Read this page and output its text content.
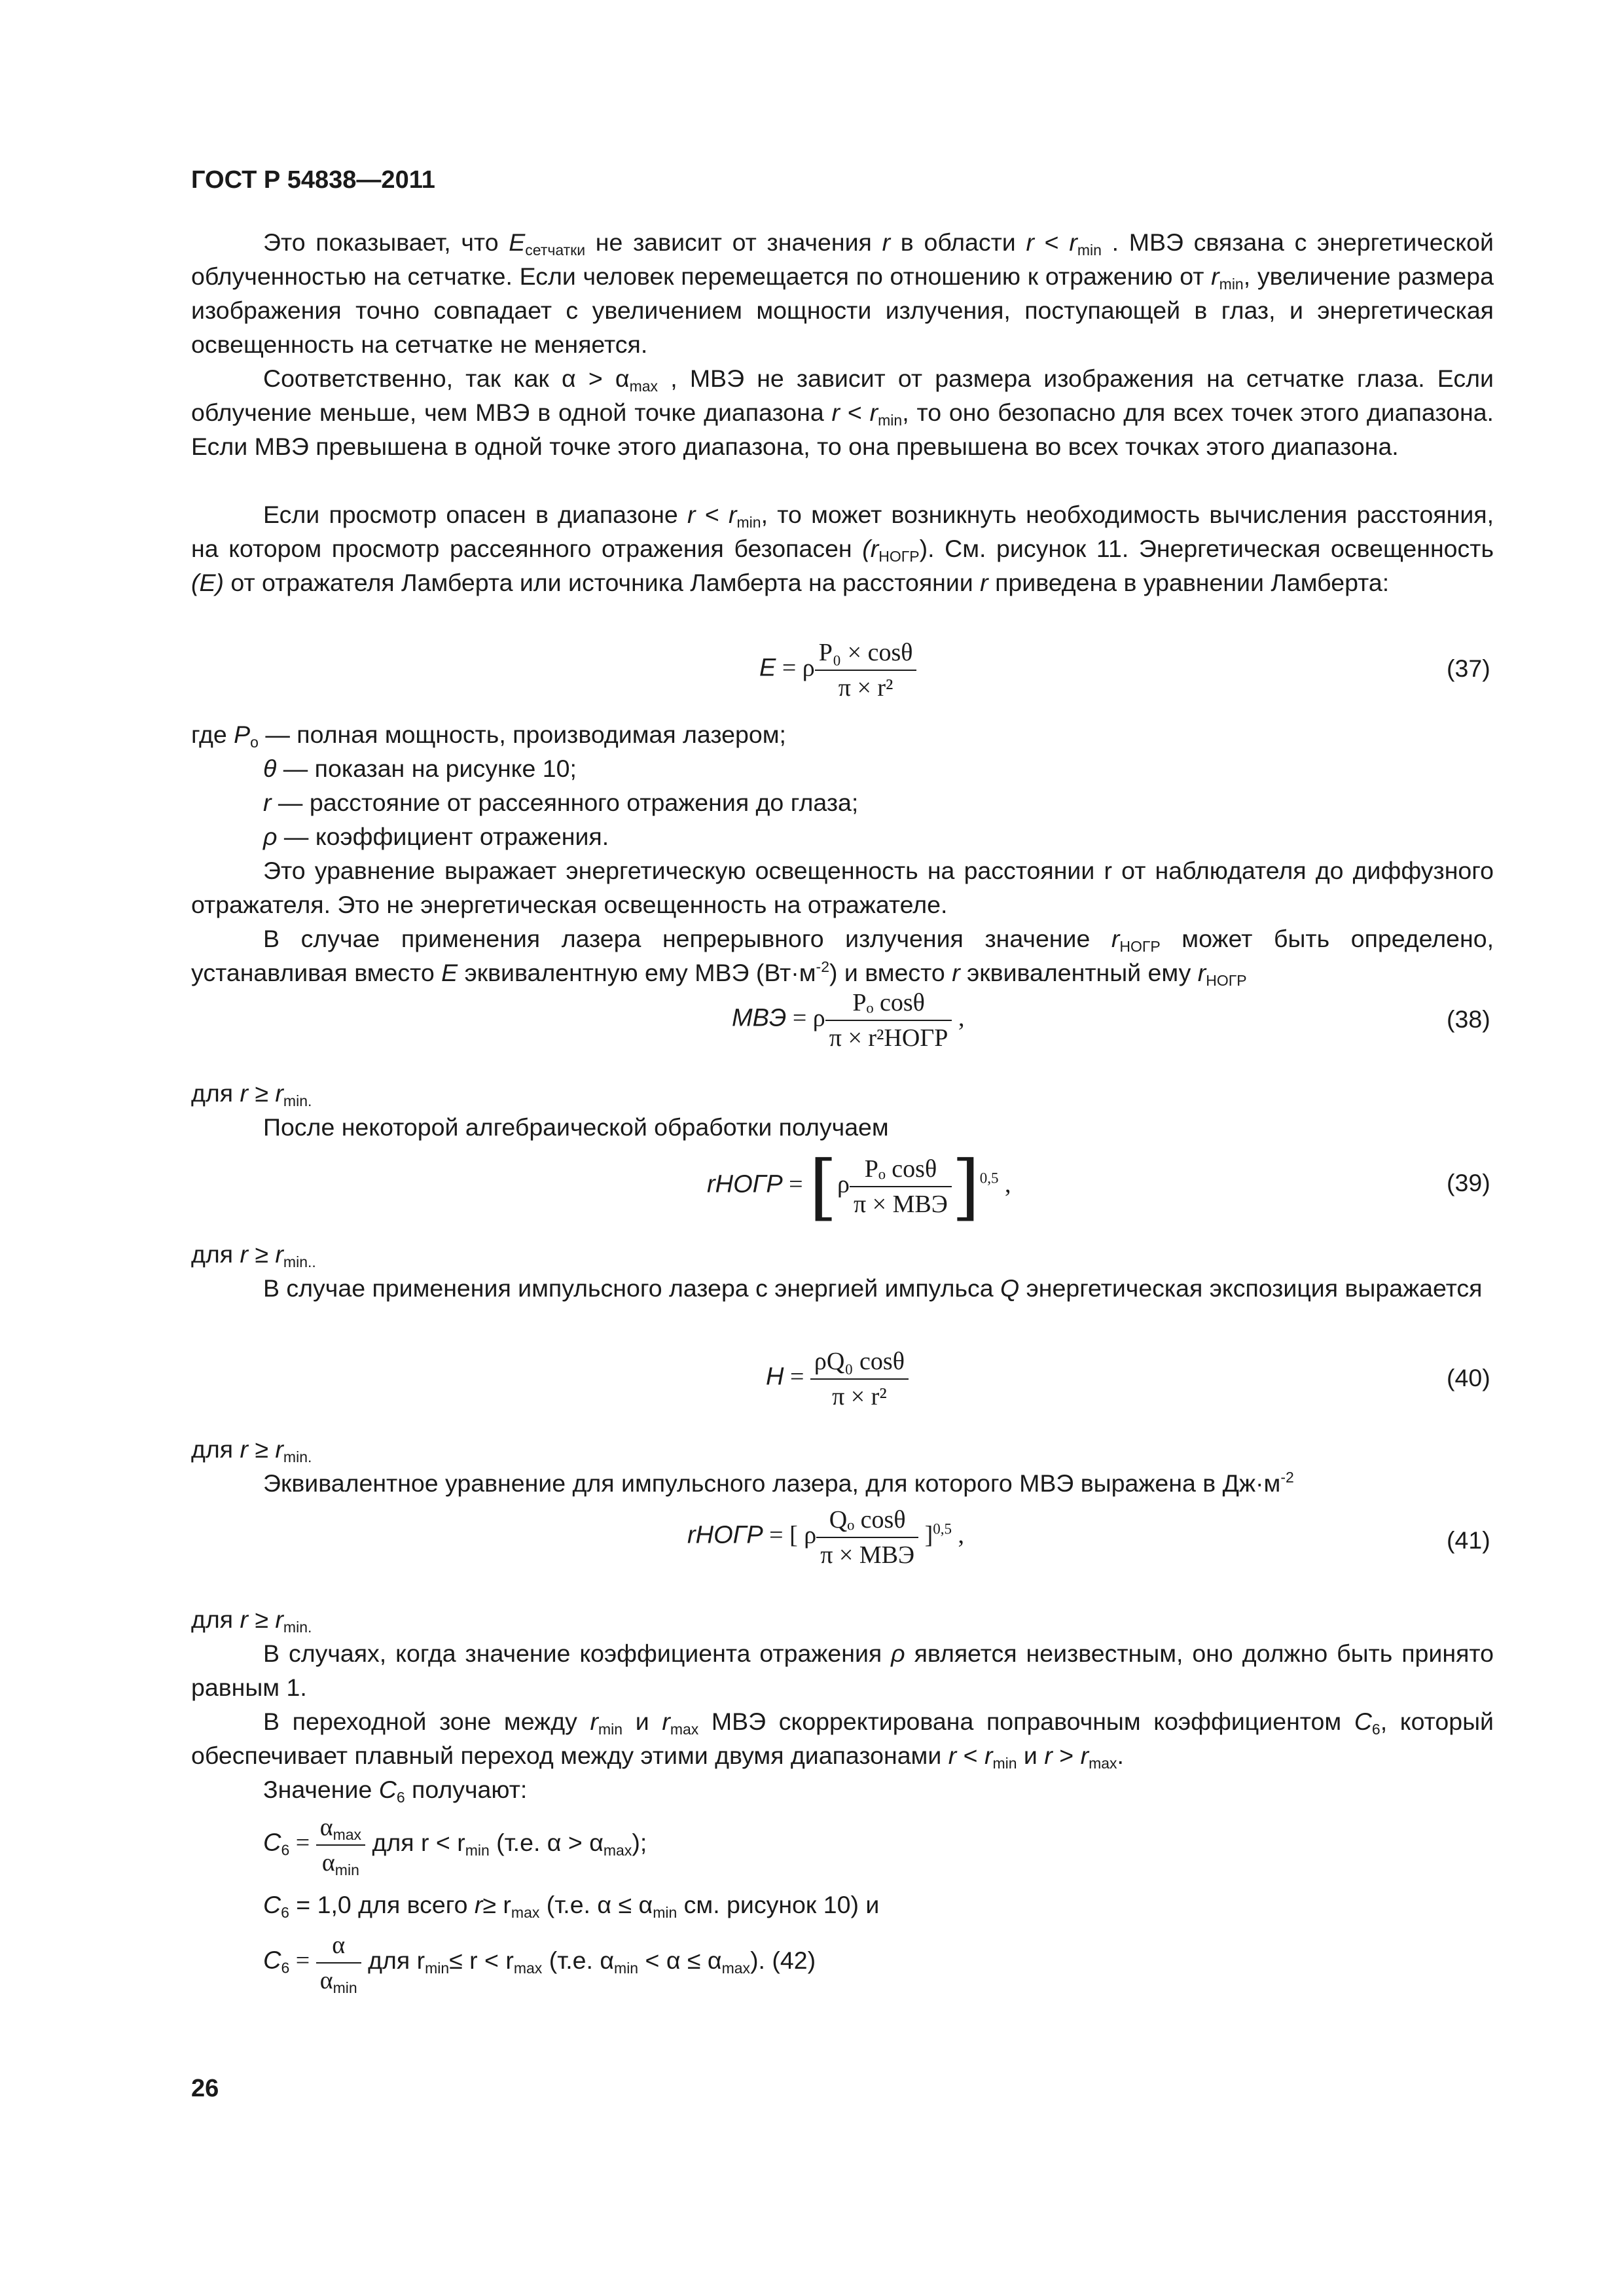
ГОСТ Р 54838—2011
Это показывает, что $E_{сетчатки}$ не зависит от значения r в области $r < r_{min}$ . МВЭ связана с энергетической облученностью на сетчатке. Если человек перемещается по отношению к отражению от $r_{min}$, увеличение размера изображения точно совпадает с увеличением мощности излучения, поступающей в глаз, и энергетическая освещенность на сетчатке не меняется.
Соответственно, так как $\alpha > \alpha_{max}$ , МВЭ не зависит от размера изображения на сетчатке глаза. Если облучение меньше, чем МВЭ в одной точке диапазона $r < r_{min}$, то оно безопасно для всех точек этого диапазона. Если МВЭ превышена в одной точке этого диапазона, то она превышена во всех точках этого диапазона.
Если просмотр опасен в диапазоне $r < r_{min}$, то может возникнуть необходимость вычисления расстояния, на котором просмотр рассеянного отражения безопасен $(r_{НОГР})$. См. рисунок 11. Энергетическая освещенность (E) от отражателя Ламберта или источника Ламберта на расстоянии r приведена в уравнении Ламберта:
E = ρ $\frac{\text{P₀ × cosθ}}{\text{π × r²}}$	(37)
где $P_o$ — полная мощность, производимая лазером;
θ — показан на рисунке 10;
r — расстояние от рассеянного отражения до глаза;
ρ — коэффициент отражения.
Это уравнение выражает энергетическую освещенность на расстоянии r от наблюдателя до диффузного отражателя. Это не энергетическая освещенность на отражателе.
В случае применения лазера непрерывного излучения значение $r_{НОГР}$ может быть определено, устанавливая вместо E эквивалентную ему МВЭ $(Вт\cdot м^{-2})$ и вместо r эквивалентный ему $r_{НОГР}$
МВЭ = ρ $\frac{\text{Pₒ cosθ}}{\text{π × r²НОГР}}$ ,	(38)
для $r \ge r_{min.}$
После некоторой алгебраической обработки получаем
rНОГР = $[\rho \frac{\text{Pₒ cosθ}}{\text{π × МВЭ}} ]^{0,5}$ ,	(39)
для $r \ge r_{min..}$
В случае применения импульсного лазера с энергией импульса Q энергетическая экспозиция выражается
$H = \frac{\text{ρQ₀ cosθ}}{\text{π × r²}}$	(40)
для $r \ge r_{min.}$
Эквивалентное уравнение для импульсного лазера, для которого МВЭ выражена в $Дж\cdot м^{-2}$
rНОГР = [ ρ $\frac{\text{Qₒ cosθ}}{\text{π × МВЭ}} ]^{0,5}$ ,	(41)
для $r \ge r_{min.}$
В случаях, когда значение коэффициента отражения ρ является неизвестным, оно должно быть принято равным 1.
В переходной зоне между $r_{min}$ и $r_{max}$ МВЭ скорректирована поправочным коэффициентом $C_6$, который обеспечивает плавный переход между этими двумя диапазонами $r < r_{min}$ и $r > r_{max}$.
Значение $C_6$ получают:
$C_6 = \frac{\alpha_{max}}{\alpha_{min}}$ для $r < r_{min}$ (т.е. $\alpha > \alpha_{max}$);
$C_6 = 1,0$ для всего $r\ge r_{max}$ (т.е. $\alpha \le \alpha_{min}$ см. рисунок 10) и
$C_6 = \frac{\alpha}{\alpha_{min}}$ для $r_{min}\le r < r_{max}$ (т.е. $\alpha_{min} < \alpha \le \alpha_{max}$). (42)
26
